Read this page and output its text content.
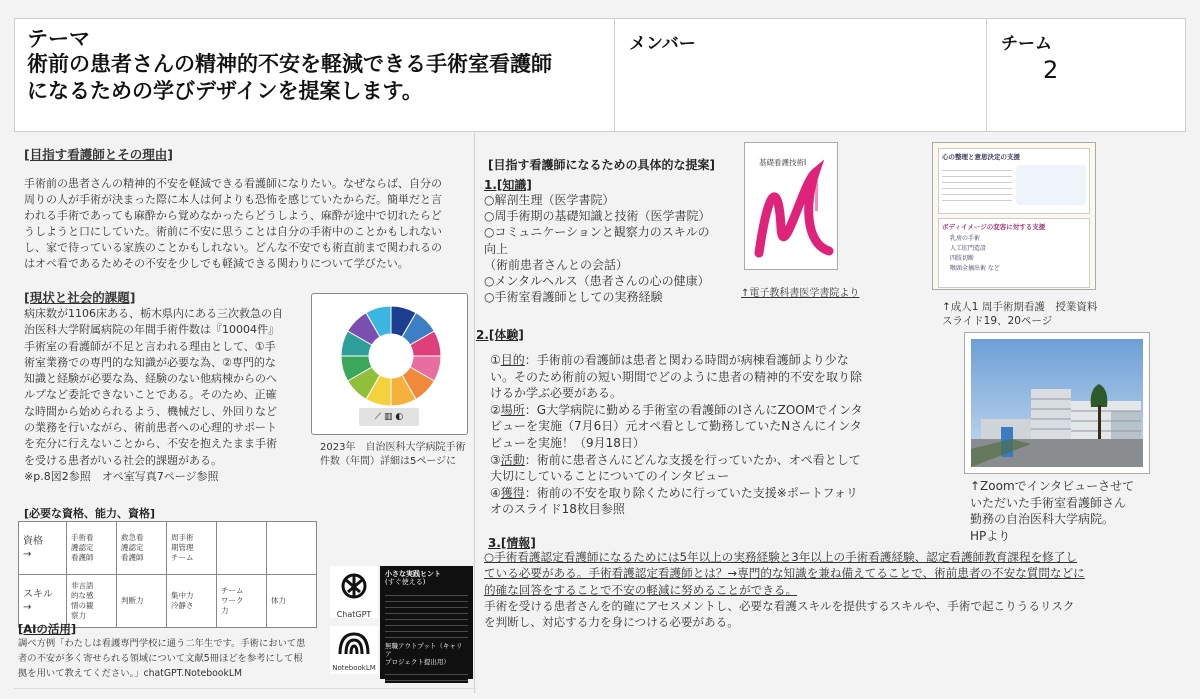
テーマ
術前の患者さんの精神的不安を軽減できる手術室看護師
になるための学びデザインを提案します。
メンバー	チーム
2
[目指す看護師とその理由]
手術前の患者さんの精神的不安を軽減できる看護師になりたい。なぜならば、自分の
周りの人が手術が決まった際に本人は何よりも恐怖を感じていたからだ。簡単だと言
われる手術であっても麻酔から覚めなかったらどうしよう、麻酔が途中で切れたらど
うしようと口にしていた。術前に不安に思うことは自分の手術中のことかもしれない
し、家で待っている家族のことかもしれない。どんな不安でも術直前まで関われるの
はオペ看であるためその不安を少しでも軽減できる関わりについて学びたい。
[現状と社会的課題]
病床数が1106床ある、栃木県内にある三次救急の自
治医科大学附属病院の年間手術件数は『10004件』
手術室の看護師が不足と言われる理由として、①手
術室業務での専門的な知識が必要な為、②専門的な
知識と経験が必要な為、経験のない他病棟からのへ
ルプなど委託できないことである。そのため、正確
な時間から始められるよう、機械だし、外回りなど
の業務を行いながら、術前患者への心理的サポート
を充分に行えないことから、不安を抱えたまま手術
を受ける患者がいる社会的課題がある。
※p.8図2参照　オペ室写真7ページ参照
⟋ ▥ ◐
2023年　自治医科大学病院手術
件数（年間）詳細は5ページに
[必要な資格、能力、資格]
資格
→	手術看
護認定
看護師	救急看
護認定
看護師	周手術
期管理
チーム		
スキル
→	非言語
的な感
情の観
察力	判断力	集中力
冷静さ	チーム
ワーク
力	体力
ChatGPT
NotebookLM
小さな実践ヒント
(すぐ使える)
無職アウトプット（キャリア
プロジェクト提出用）
[AIの活用]
調べ方例「わたしは看護専門学校に通う二年生です。手術において患
者の不安が多く寄せられる領域について文献5冊ほどを参考にして根
拠を用いて教えてください。」chatGPT.NotebookLM
[目指す看護師になるための具体的な提案]
1.[知識]
○解剖生理（医学書院）
○周手術期の基礎知識と技術（医学書院）
○コミュニケーションと観察力のスキルの
向上
（術前患者さんとの会話）
○メンタルヘルス（患者さんの心の健康）
○手術室看護師としての実務経験
基礎看護技術Ⅰ
↑電子教科書医学書院より
心の整理と意思決定の支援
ボディイメージの変容に対する支援
乳房の手術
人工肛門造設
四肢切断
喉頭全摘出術 など
↑成人1 周手術期看護　授業資料
スライド19、20ページ
2.[体験]
①目的：手術前の看護師は患者と関わる時間が病棟看護師より少な
い。そのため術前の短い期間でどのように患者の精神的不安を取り除
けるか学ぶ必要がある。
②場所：G大学病院に勤める手術室の看護師のIさんにZOOMでインタ
ビューを実施（7月6日）元オペ看として勤務していたNさんにインタ
ビューを実施！（9月18日）
③活動：術前に患者さんにどんな支援を行っていたか、オペ看として
大切にしていることについてのインタビュー
④獲得：術前の不安を取り除くために行っていた支援※ポートフォリ
オのスライド18枚目参照
↑Zoomでインタビューさせて
いただいた手術室看護師さん
勤務の自治医科大学病院。
HPより
3.[情報]
○手術看護認定看護師になるためには5年以上の実務経験と3年以上の手術看護経験、認定看護師教育課程を修了し
ている必要がある。手術看護認定看護師とは？→専門的な知識を兼ね備えてることで、術前患者の不安な質問などに
的確な回答をすることで不安の軽減に努めることができる。
手術を受ける患者さんを的確にアセスメントし、必要な看護スキルを提供するスキルや、手術で起こりうるリスク
を判断し、対応する力を身につける必要がある。
